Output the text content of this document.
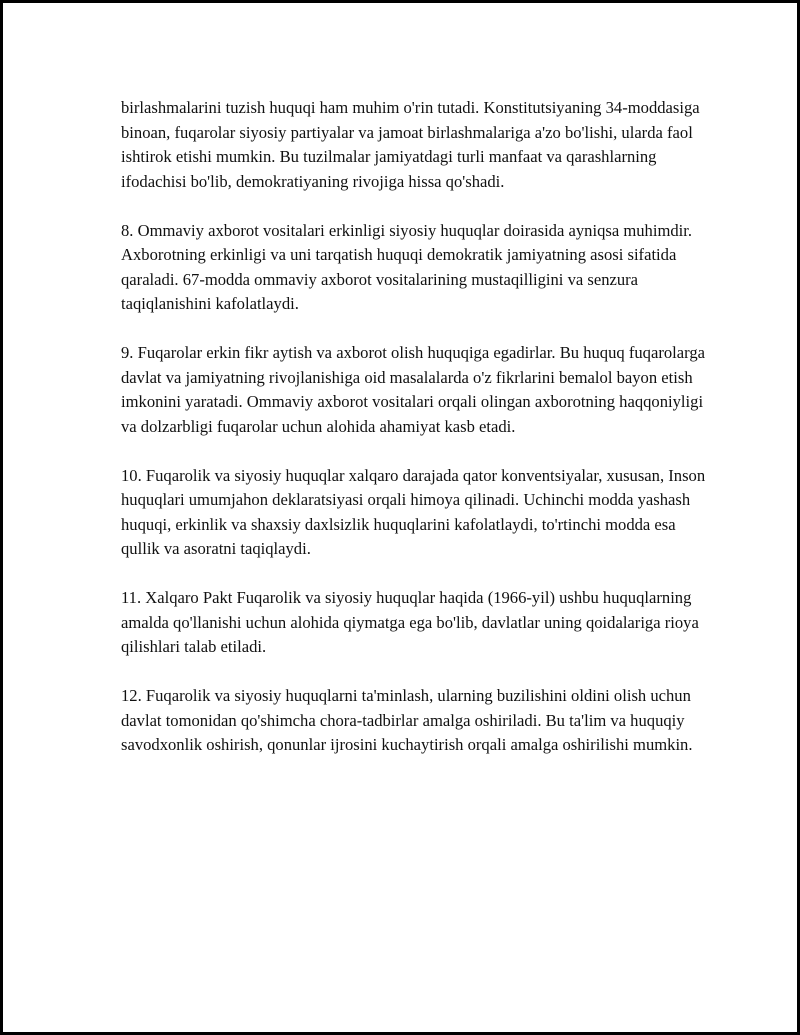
birlashmalarini tuzish huquqi ham muhim o'rin tutadi. Konstitutsiyaning 34-moddasiga binoan, fuqarolar siyosiy partiyalar va jamoat birlashmalariga a'zo bo'lishi, ularda faol ishtirok etishi mumkin. Bu tuzilmalar jamiyatdagi turli manfaat va qarashlarning ifodachisi bo'lib, demokratiyaning rivojiga hissa qo'shadi.

8. Ommaviy axborot vositalari erkinligi siyosiy huquqlar doirasida ayniqsa muhimdir. Axborotning erkinligi va uni tarqatish huquqi demokratik jamiyatning asosi sifatida qaraladi. 67-modda ommaviy axborot vositalarining mustaqilligini va senzura taqiqlanishini kafolatlaydi.

9. Fuqarolar erkin fikr aytish va axborot olish huquqiga egadirlar. Bu huquq fuqarolarga davlat va jamiyatning rivojlanishiga oid masalalarda o'z fikrlarini bemalol bayon etish imkonini yaratadi. Ommaviy axborot vositalari orqali olingan axborotning haqqoniyligi va dolzarbligi fuqarolar uchun alohida ahamiyat kasb etadi.

10. Fuqarolik va siyosiy huquqlar xalqaro darajada qator konventsiyalar, xususan, Inson huquqlari umumjahon deklaratsiyasi orqali himoya qilinadi. Uchinchi modda yashash huquqi, erkinlik va shaxsiy daxlsizlik huquqlarini kafolatlaydi, to'rtinchi modda esa qullik va asoratni taqiqlaydi.

11. Xalqaro Pakt Fuqarolik va siyosiy huquqlar haqida (1966-yil) ushbu huquqlarning amalda qo'llanishi uchun alohida qiymatga ega bo'lib, davlatlar uning qoidalariga rioya qilishlari talab etiladi.

12. Fuqarolik va siyosiy huquqlarni ta'minlash, ularning buzilishini oldini olish uchun davlat tomonidan qo'shimcha chora-tadbirlar amalga oshiriladi. Bu ta'lim va huquqiy savodxonlik oshirish, qonunlar ijrosini kuchaytirish orqali amalga oshirilishi mumkin.
